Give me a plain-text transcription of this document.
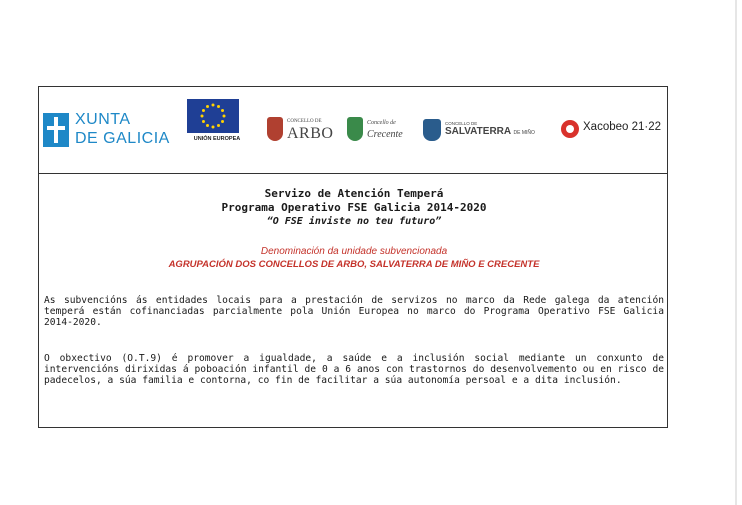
XUNTA
DE GALICIA	UNIÓN EUROPEA
CONCELLO DE
ARBO
Concello de
Crecente
CONCELLO DE
SALVATERRA DE MIÑO	Xacobeo 21·22
Servizo de Atención Temperá
Programa Operativo FSE Galicia 2014-2020
“O FSE inviste no teu futuro”
Denominación da unidade subvencionada
AGRUPACIÓN DOS CONCELLOS DE ARBO, SALVATERRA DE MIÑO E CRECENTE
As subvencións ás entidades locais para a prestación de servizos no marco da Rede galega da atención temperá están cofinanciadas parcialmente pola Unión Europea no marco do Programa Operativo FSE Galicia 2014-2020.
O obxectivo (O.T.9) é promover a igualdade, a saúde e a inclusión social mediante un conxunto de intervencións dirixidas á poboación infantil de 0 a 6 anos con trastornos do desenvolvemento ou en risco de padecelos, a súa familia e contorna, co fin de facilitar a súa autonomía persoal e a dita inclusión.
